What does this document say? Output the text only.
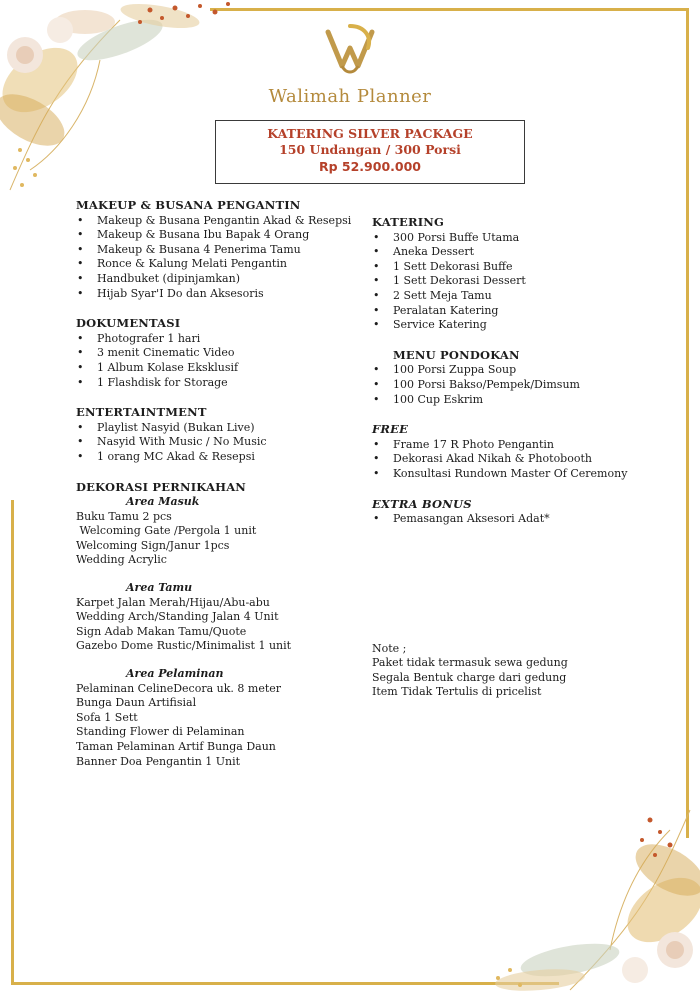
Walimah Planner
KATERING SILVER PACKAGE
150 Undangan / 300 Porsi
Rp 52.900.000
MAKEUP & BUSANA PENGANTIN
• Makeup & Busana Pengantin Akad & Resepsi
• Makeup & Busana Ibu Bapak 4 Orang
• Makeup & Busana 4 Penerima Tamu
• Ronce & Kalung Melati Pengantin
• Handbuket (dipinjamkan)
• Hijab Syar'I Do dan Aksesoris
DOKUMENTASI
• Photografer 1 hari
• 3 menit Cinematic Video
• 1 Album Kolase Eksklusif
• 1 Flashdisk for Storage
ENTERTAINTMENT
• Playlist Nasyid (Bukan Live)
• Nasyid With Music / No Music
• 1 orang MC Akad & Resepsi
DEKORASI PERNIKAHAN
Area Masuk
Buku Tamu 2 pcs
Welcoming Gate /Pergola 1 unit
Welcoming Sign/Janur 1pcs
Wedding Acrylic
Area Tamu
Karpet Jalan Merah/Hijau/Abu-abu
Wedding Arch/Standing Jalan 4 Unit
Sign Adab Makan Tamu/Quote
Gazebo Dome Rustic/Minimalist 1 unit
Area Pelaminan
Pelaminan CelineDecora uk. 8 meter
Bunga Daun Artifisial
Sofa 1 Sett
Standing Flower di Pelaminan
Taman Pelaminan Artif Bunga Daun
Banner Doa Pengantin 1 Unit
KATERING
• 300 Porsi Buffe Utama
• Aneka Dessert
• 1 Sett Dekorasi Buffe
• 1 Sett Dekorasi Dessert
• 2 Sett Meja Tamu
• Peralatan Katering
• Service Katering
MENU PONDOKAN
• 100 Porsi Zuppa Soup
• 100 Porsi Bakso/Pempek/Dimsum
• 100 Cup Eskrim
FREE
• Frame 17 R Photo Pengantin
• Dekorasi Akad Nikah & Photobooth
• Konsultasi Rundown Master Of Ceremony
EXTRA BONUS
• Pemasangan Aksesori Adat*

Note ;

Paket tidak termasuk sewa gedung

Segala Bentuk charge dari gedung

Item Tidak Tertulis di pricelist
